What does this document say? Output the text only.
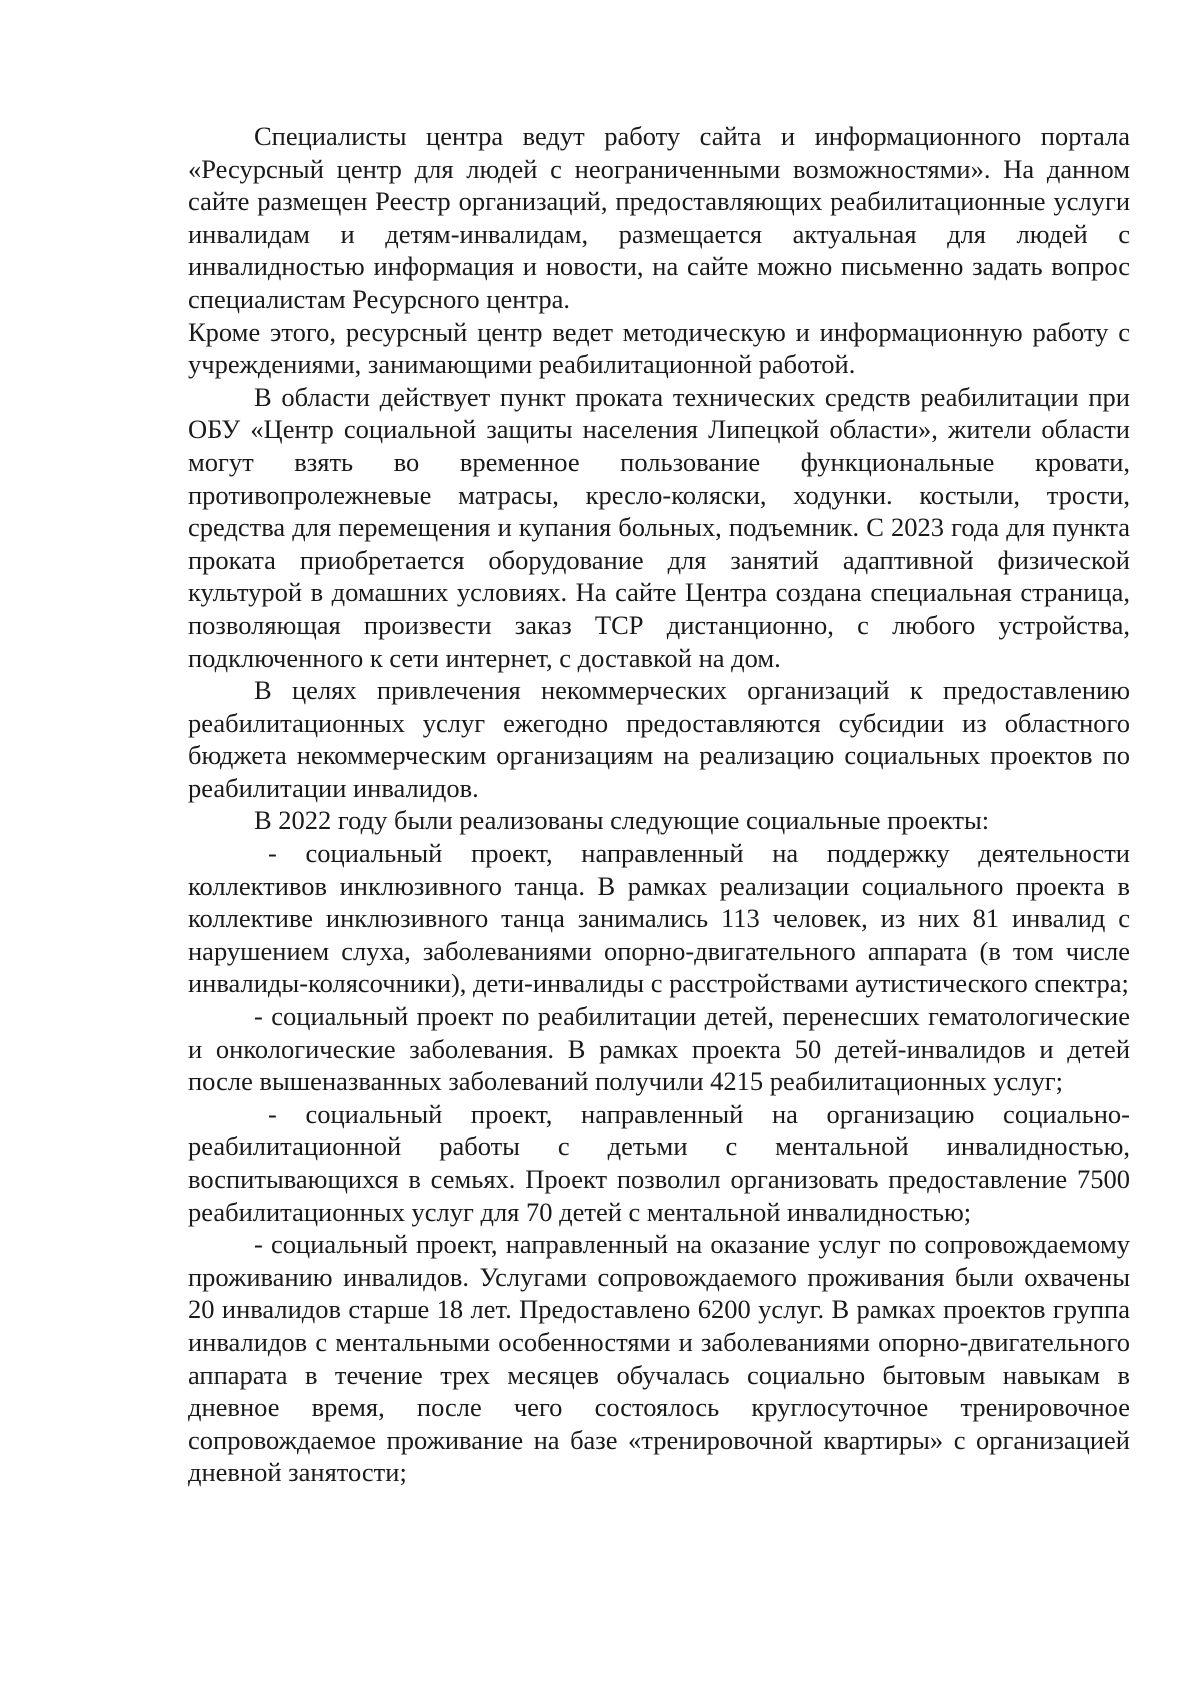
Специалисты центра ведут работу сайта и информационного портала «Ресурсный центр для людей с неограниченными возможностями». На данном сайте размещен Реестр организаций, предоставляющих реабилитационные услуги инвалидам и детям-инвалидам, размещается актуальная для людей с инвалидностью информация и новости, на сайте можно письменно задать вопрос специалистам Ресурсного центра.

Кроме этого, ресурсный центр ведет методическую и информационную работу с учреждениями, занимающими реабилитационной работой.

В области действует пункт проката технических средств реабилитации при ОБУ «Центр социальной защиты населения Липецкой области», жители области могут взять во временное пользование функциональные кровати, противопролежневые матрасы, кресло-коляски, ходунки. костыли, трости, средства для перемещения и купания больных, подъемник. С 2023 года для пункта проката приобретается оборудование для занятий адаптивной физической культурой в домашних условиях. На сайте Центра создана специальная страница, позволяющая произвести заказ ТСР дистанционно, с любого устройства, подключенного к сети интернет, с доставкой на дом.

В целях привлечения некоммерческих организаций к предоставлению реабилитационных услуг ежегодно предоставляются субсидии из областного бюджета некоммерческим организациям на реализацию социальных проектов по реабилитации инвалидов.

В 2022 году были реализованы следующие социальные проекты:

- социальный проект, направленный на поддержку деятельности коллективов инклюзивного танца. В рамках реализации социального проекта в коллективе инклюзивного танца занимались 113 человек, из них 81 инвалид с нарушением слуха, заболеваниями опорно-двигательного аппарата (в том числе инвалиды-колясочники), дети-инвалиды с расстройствами аутистического спектра;

- социальный проект по реабилитации детей, перенесших гематологические и онкологические заболевания. В рамках проекта 50 детей-инвалидов и детей после вышеназванных заболеваний получили 4215 реабилитационных услуг;

- социальный проект, направленный на организацию социально-реабилитационной работы с детьми с ментальной инвалидностью, воспитывающихся в семьях. Проект позволил организовать предоставление 7500 реабилитационных услуг для 70 детей с ментальной инвалидностью;

- социальный проект, направленный на оказание услуг по сопровождаемому проживанию инвалидов. Услугами сопровождаемого проживания были охвачены 20 инвалидов старше 18 лет. Предоставлено 6200 услуг. В рамках проектов группа инвалидов с ментальными особенностями и заболеваниями опорно-двигательного аппарата в течение трех месяцев обучалась социально бытовым навыкам в дневное время, после чего состоялось круглосуточное тренировочное сопровождаемое проживание на базе «тренировочной квартиры» с организацией дневной занятости;
